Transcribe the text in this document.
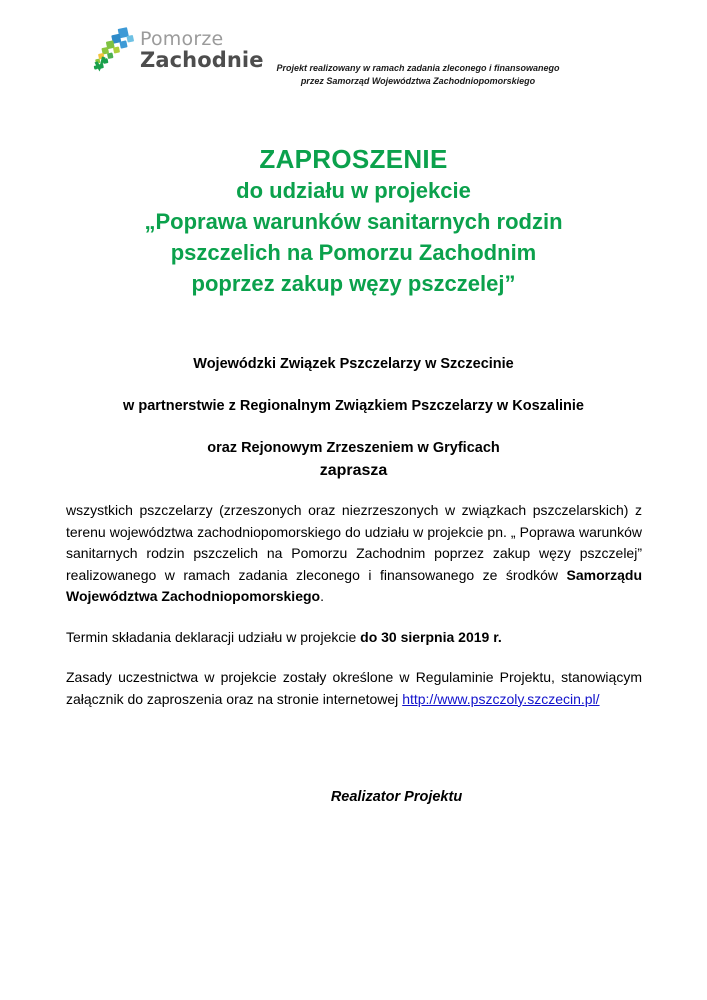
Pomorze
Zachodnie	Projekt realizowany w ramach zadania zleconego i finansowanego
przez Samorząd Województwa Zachodniopomorskiego
ZAPROSZENIE
do udziału w projekcie
„Poprawa warunków sanitarnych rodzin
pszczelich na Pomorzu Zachodnim
poprzez zakup węzy pszczelej”
Wojewódzki Związek Pszczelarzy w Szczecinie
w partnerstwie z Regionalnym Związkiem Pszczelarzy w Koszalinie
oraz Rejonowym Zrzeszeniem w Gryficach
zaprasza

wszystkich pszczelarzy (zrzeszonych oraz niezrzeszonych w związkach pszczelarskich) z terenu województwa zachodniopomorskiego do udziału w projekcie pn. „ Poprawa warunków sanitarnych rodzin pszczelich na Pomorzu Zachodnim poprzez zakup węzy pszczelej” realizowanego w ramach zadania zleconego i finansowanego ze środków Samorządu Województwa Zachodniopomorskiego.

Termin składania deklaracji udziału w projekcie do 30 sierpnia 2019 r.

Zasady uczestnictwa w projekcie zostały określone w Regulaminie Projektu, stanowiącym załącznik do zaproszenia oraz na stronie internetowej http://www.pszczoly.szczecin.pl/

Realizator Projektu
